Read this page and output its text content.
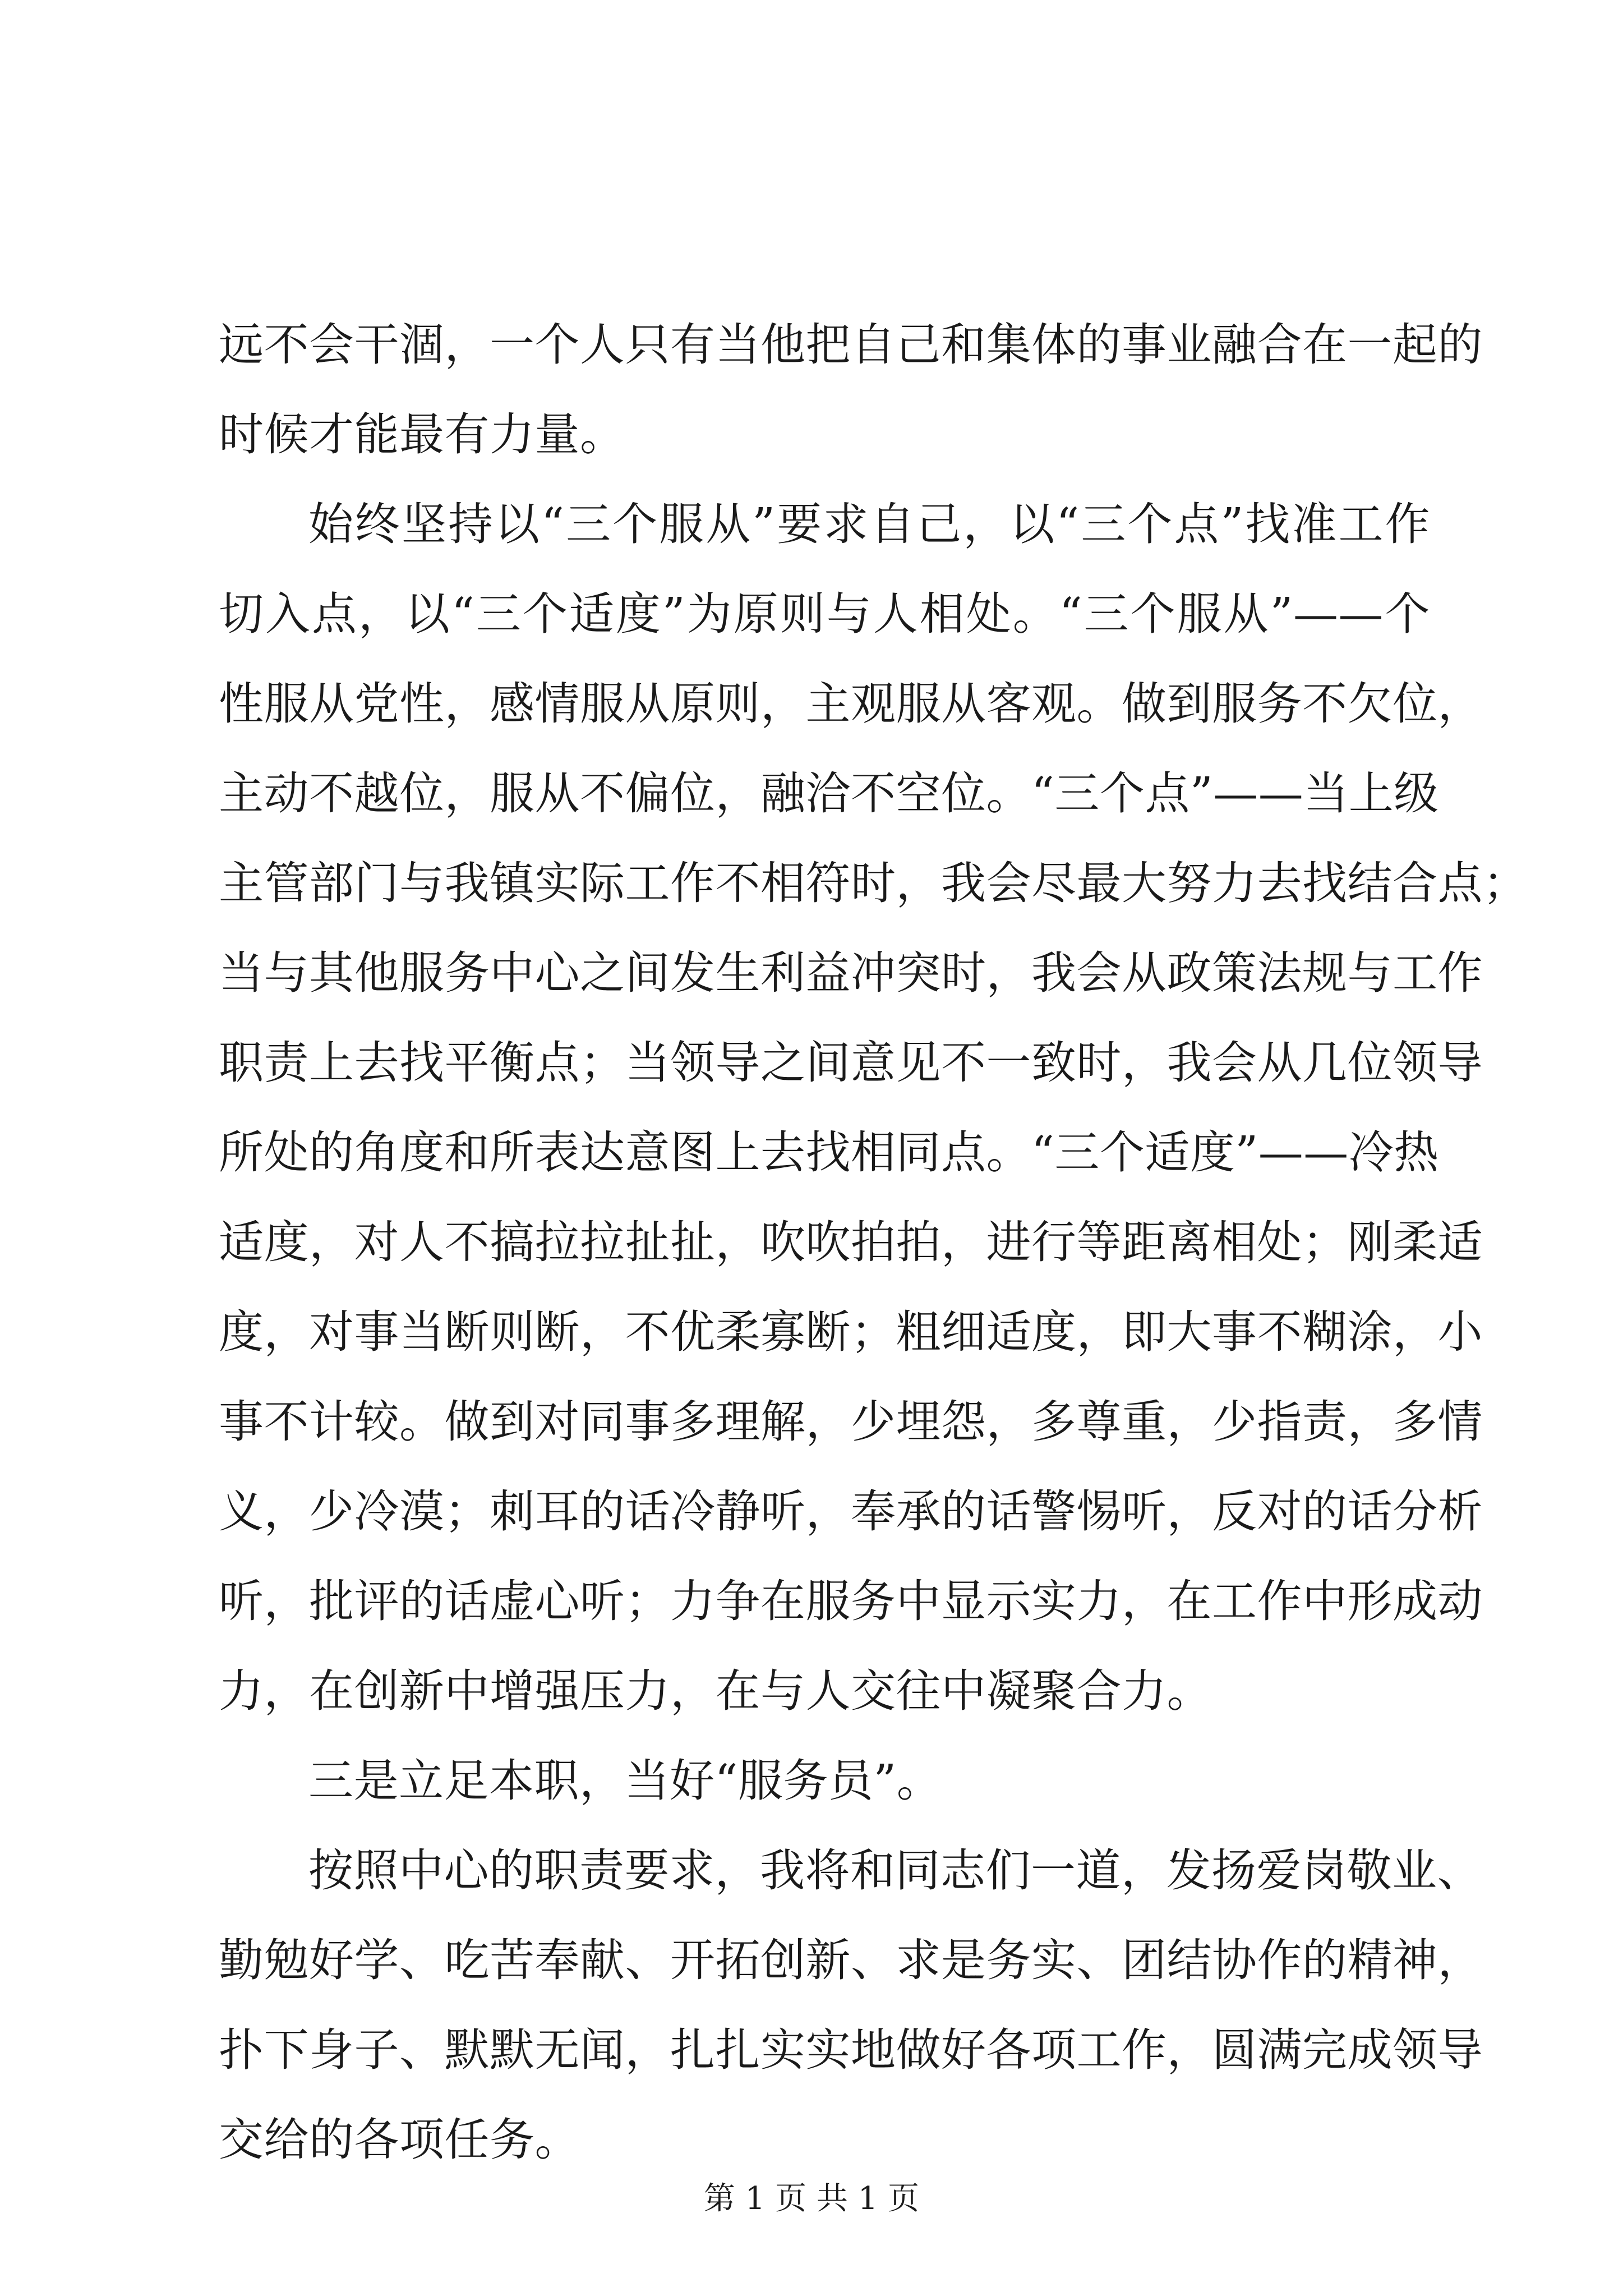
远不会干涸，一个人只有当他把自己和集体的事业融合在一起的
时候才能最有力量。
始终坚持以“三个服从”要求自己，以“三个点”找准工作
切入点，以“三个适度”为原则与人相处。“三个服从”——个
性服从党性，感情服从原则，主观服从客观。做到服务不欠位，
主动不越位，服从不偏位，融洽不空位。“三个点”——当上级
主管部门与我镇实际工作不相符时，我会尽最大努力去找结合点；
当与其他服务中心之间发生利益冲突时，我会从政策法规与工作
职责上去找平衡点；当领导之间意见不一致时，我会从几位领导
所处的角度和所表达意图上去找相同点。“三个适度”——冷热
适度，对人不搞拉拉扯扯，吹吹拍拍，进行等距离相处；刚柔适
度，对事当断则断，不优柔寡断；粗细适度，即大事不糊涂，小
事不计较。做到对同事多理解，少埋怨，多尊重，少指责，多情
义，少冷漠；刺耳的话冷静听，奉承的话警惕听，反对的话分析
听，批评的话虚心听；力争在服务中显示实力，在工作中形成动
力，在创新中增强压力，在与人交往中凝聚合力。
三是立足本职，当好“服务员”。
按照中心的职责要求，我将和同志们一道，发扬爱岗敬业、
勤勉好学、吃苦奉献、开拓创新、求是务实、团结协作的精神，
扑下身子、默默无闻，扎扎实实地做好各项工作，圆满完成领导
交给的各项任务。
第 1 页 共 1 页
